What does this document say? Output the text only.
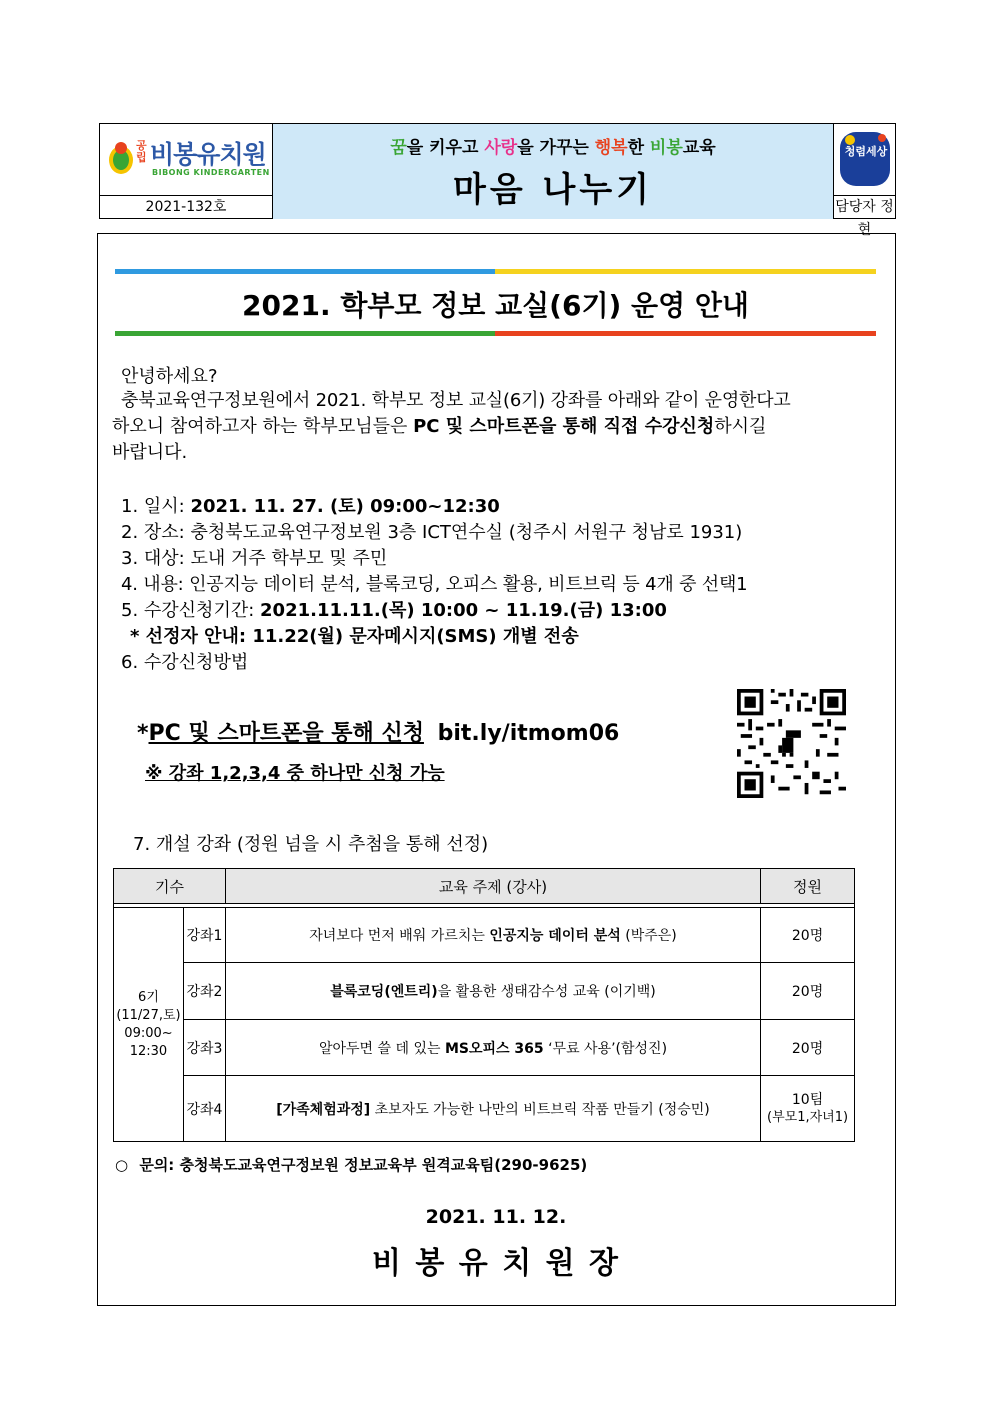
공립 비봉유치원
BIBONG KINDERGARTEN
2021-132호
꿈을 키우고 사랑을 가꾸는 행복한 비봉교육
마음 나누기
청렴세상
담당자 정현
2021. 학부모 정보 교실(6기) 운영 안내
안녕하세요?
충북교육연구정보원에서 2021. 학부모 정보 교실(6기) 강좌를 아래와 같이 운영한다고
하오니 참여하고자 하는 학부모님들은 PC 및 스마트폰을 통해 직접 수강신청하시길
바랍니다.
1. 일시: 2021. 11. 27. (토) 09:00~12:30
2. 장소: 충청북도교육연구정보원 3층 ICT연수실 (청주시 서원구 청남로 1931)
3. 대상: 도내 거주 학부모 및 주민
4. 내용: 인공지능 데이터 분석, 블록코딩, 오피스 활용, 비트브릭 등 4개 중 선택1
5. 수강신청기간: 2021.11.11.(목) 10:00 ~ 11.19.(금) 13:00
* 선정자 안내: 11.22(월) 문자메시지(SMS) 개별 전송
6. 수강신청방법
*PC 및 스마트폰을 통해 신청 bit.ly/itmom06
※ 강좌 1,2,3,4 중 하나만 신청 가능
7. 개설 강좌 (정원 넘을 시 추첨을 통해 선정)
기수		교육 주제 (강사)	정원

6기
(11/27,토)
09:00~
12:30	강좌1	자녀보다 먼저 배워 가르치는 인공지능 데이터 분석 (박주은)	20명
	강좌2	블록코딩(엔트리)을 활용한 생태감수성 교육 (이기백)	20명
	강좌3	알아두면 쓸 데 있는 MS오피스 365 ‘무료 사용’(함성진)	20명
	강좌4	[가족체험과정] 초보자도 가능한 나만의 비트브릭 작품 만들기 (정승민)	10팀
(부모1,자녀1)
○ 문의: 충청북도교육연구정보원 정보교육부 원격교육팀(290-9625)
2021. 11. 12.
비 봉 유 치 원 장
